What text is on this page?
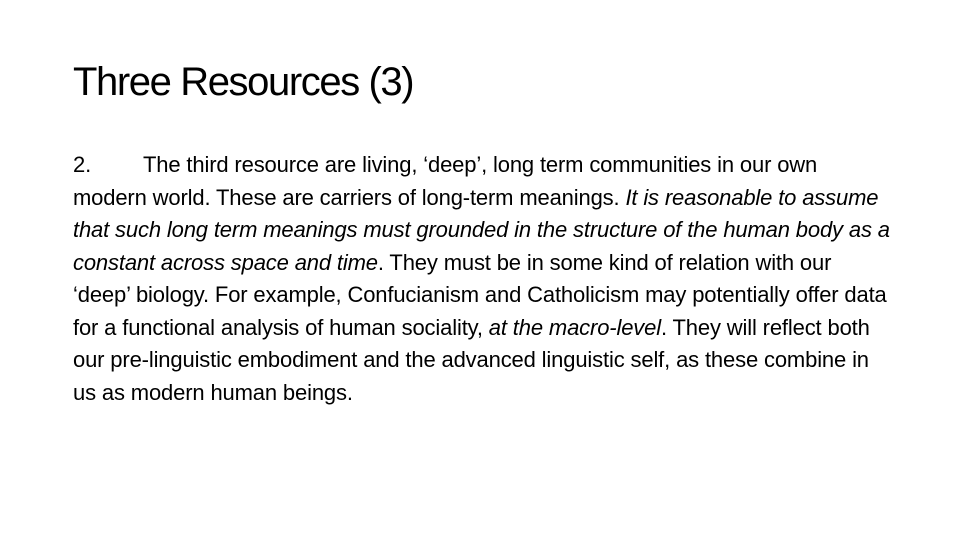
Three Resources (3)

2. The third resource are living, ‘deep’, long term communities in our own modern world. These are carriers of long-term meanings. It is reasonable to assume that such long term meanings must grounded in the structure of the human body as a constant across space and time. They must be in some kind of relation with our ‘deep’ biology. For example, Confucianism and Catholicism may potentially offer data for a functional analysis of human sociality, at the macro-level. They will reflect both our pre-linguistic embodiment and the advanced linguistic self, as these combine in us as modern human beings.
